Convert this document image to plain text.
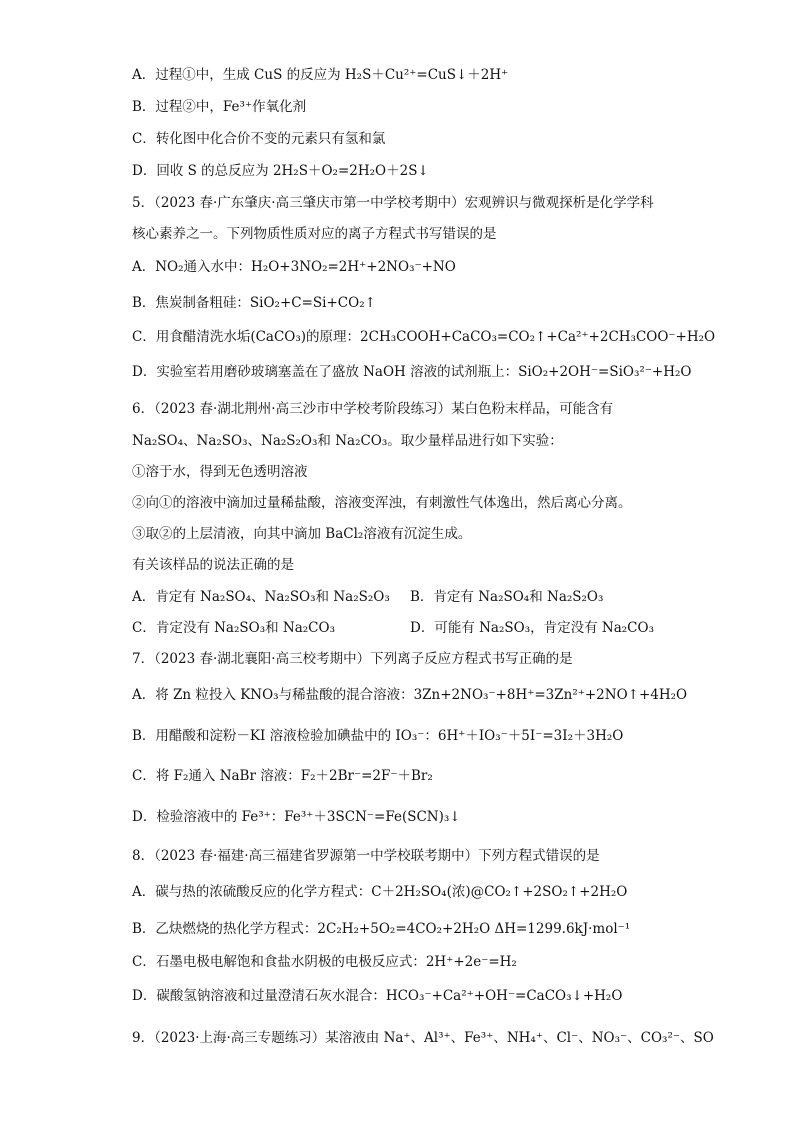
A．过程①中，生成 CuS 的反应为 H₂S＋Cu²⁺=CuS↓＋2H⁺
B．过程②中，Fe³⁺作氧化剂
C．转化图中化合价不变的元素只有氢和氯
D．回收 S 的总反应为 2H₂S＋O₂=2H₂O＋2S↓
5．（2023 春·广东肇庆·高三肇庆市第一中学校考期中）宏观辨识与微观探析是化学学科
核心素养之一。下列物质性质对应的离子方程式书写错误的是
A．NO₂通入水中：H₂O+3NO₂=2H⁺+2NO₃⁻+NO
B．焦炭制备粗硅：SiO₂+C=Si+CO₂↑
C．用食醋清洗水垢(CaCO₃)的原理：2CH₃COOH+CaCO₃=CO₂↑+Ca²⁺+2CH₃COO⁻+H₂O
D．实验室若用磨砂玻璃塞盖在了盛放 NaOH 溶液的试剂瓶上：SiO₂+2OH⁻=SiO₃²⁻+H₂O
6．（2023 春·湖北荆州·高三沙市中学校考阶段练习）某白色粉末样品，可能含有
Na₂SO₄、Na₂SO₃、Na₂S₂O₃和 Na₂CO₃。取少量样品进行如下实验：
①溶于水，得到无色透明溶液
②向①的溶液中滴加过量稀盐酸，溶液变浑浊，有刺激性气体逸出，然后离心分离。
③取②的上层清液，向其中滴加 BaCl₂溶液有沉淀生成。
有关该样品的说法正确的是
A．肯定有 Na₂SO₄、Na₂SO₃和 Na₂S₂O₃ B．肯定有 Na₂SO₄和 Na₂S₂O₃
C．肯定没有 Na₂SO₃和 Na₂CO₃	D．可能有 Na₂SO₃，肯定没有 Na₂CO₃
7．（2023 春·湖北襄阳·高三校考期中）下列离子反应方程式书写正确的是
A．将 Zn 粒投入 KNO₃与稀盐酸的混合溶液：3Zn+2NO₃⁻+8H⁺=3Zn²⁺+2NO↑+4H₂O
B．用醋酸和淀粉－KI 溶液检验加碘盐中的 IO₃⁻：6H⁺＋IO₃⁻＋5I⁻=3I₂＋3H₂O
C．将 F₂通入 NaBr 溶液：F₂＋2Br⁻=2F⁻＋Br₂
D．检验溶液中的 Fe³⁺：Fe³⁺＋3SCN⁻=Fe(SCN)₃↓
8．（2023 春·福建·高三福建省罗源第一中学校联考期中）下列方程式错误的是
A．碳与热的浓硫酸反应的化学方程式：C＋2H₂SO₄(浓)@CO₂↑+2SO₂↑+2H₂O
B．乙炔燃烧的热化学方程式：2C₂H₂+5O₂=4CO₂+2H₂O ΔH=1299.6kJ·mol⁻¹
C．石墨电极电解饱和食盐水阴极的电极反应式：2H⁺+2e⁻=H₂
D．碳酸氢钠溶液和过量澄清石灰水混合：HCO₃⁻+Ca²⁺+OH⁻=CaCO₃↓+H₂O
9．（2023·上海·高三专题练习）某溶液由 Na⁺、Al³⁺、Fe³⁺、NH₄⁺、Cl⁻、NO₃⁻、CO₃²⁻、SO
